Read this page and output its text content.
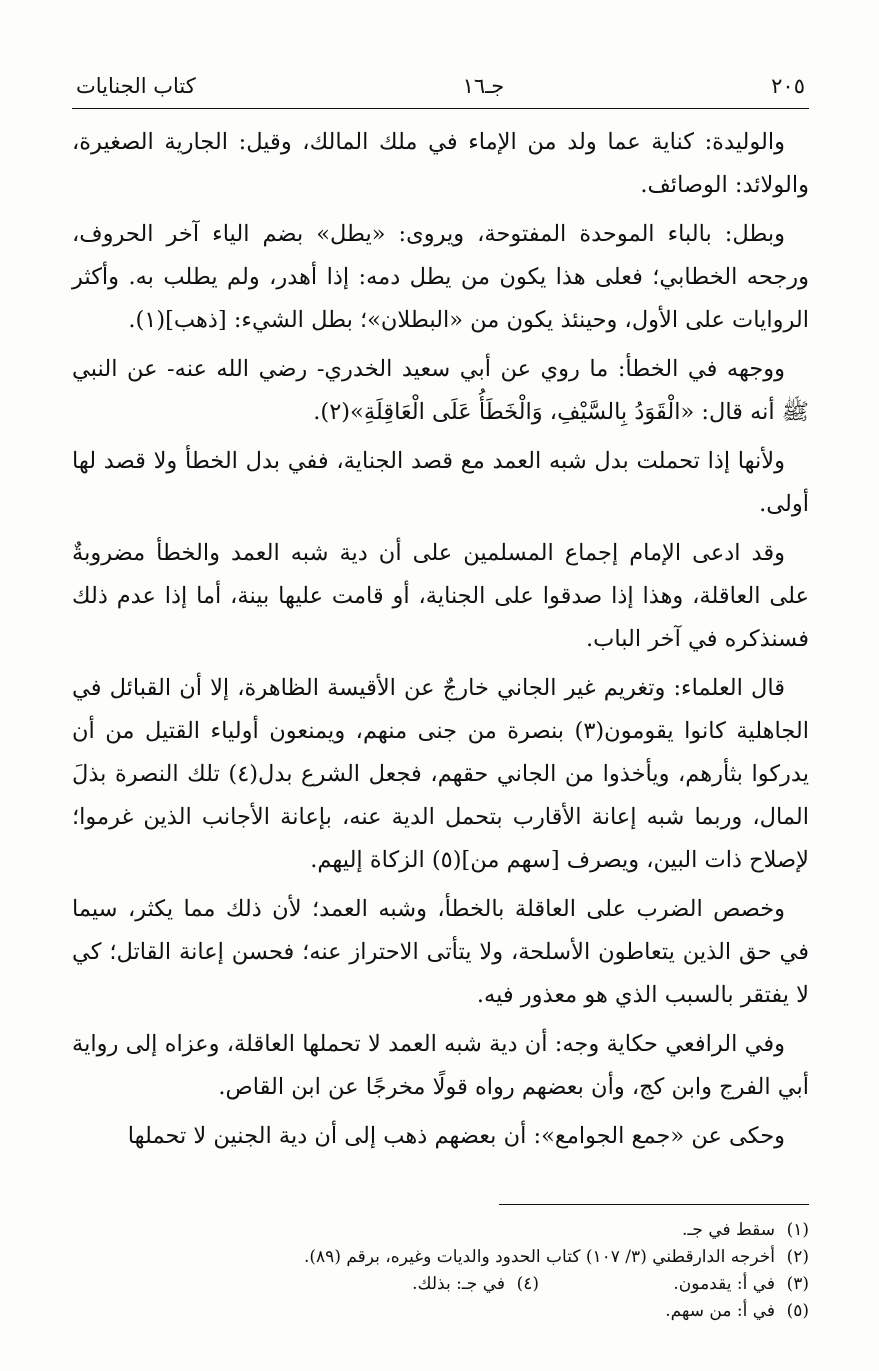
٢٠٥
جـ١٦
كتاب الجنايات

والوليدة: كناية عما ولد من الإماء في ملك المالك، وقيل: الجارية الصغيرة، والولائد: الوصائف.

وبطل: بالباء الموحدة المفتوحة، ويروى: «يطل» بضم الياء آخر الحروف، ورجحه الخطابي؛ فعلى هذا يكون من يطل دمه: إذا أهدر، ولم يطلب به. وأكثر الروايات على الأول، وحينئذ يكون من «البطلان»؛ بطل الشيء: [ذهب](١).

ووجهه في الخطأ: ما روي عن أبي سعيد الخدري- رضي الله عنه- عن النبي ﷺ أنه قال: «الْقَوَدُ بِالسَّيْفِ، وَالْخَطَأُ عَلَى الْعَاقِلَةِ»(٢).

ولأنها إذا تحملت بدل شبه العمد مع قصد الجناية، ففي بدل الخطأ ولا قصد لها أولى.

وقد ادعى الإمام إجماع المسلمين على أن دية شبه العمد والخطأ مضروبةٌ على العاقلة، وهذا إذا صدقوا على الجناية، أو قامت عليها بينة، أما إذا عدم ذلك فسنذكره في آخر الباب.

قال العلماء: وتغريم غير الجاني خارجٌ عن الأقيسة الظاهرة، إلا أن القبائل في الجاهلية كانوا يقومون(٣) بنصرة من جنى منهم، ويمنعون أولياء القتيل من أن يدركوا بثأرهم، ويأخذوا من الجاني حقهم، فجعل الشرع بدل(٤) تلك النصرة بذلَ المال، وربما شبه إعانة الأقارب بتحمل الدية عنه، بإعانة الأجانب الذين غرموا؛ لإصلاح ذات البين، ويصرف [سهم من](٥) الزكاة إليهم.

وخصص الضرب على العاقلة بالخطأ، وشبه العمد؛ لأن ذلك مما يكثر، سيما في حق الذين يتعاطون الأسلحة، ولا يتأتى الاحتراز عنه؛ فحسن إعانة القاتل؛ كي لا يفتقر بالسبب الذي هو معذور فيه.

وفي الرافعي حكاية وجه: أن دية شبه العمد لا تحملها العاقلة، وعزاه إلى رواية أبي الفرج وابن كج، وأن بعضهم رواه قولًا مخرجًا عن ابن القاص.

وحكى عن «جمع الجوامع»: أن بعضهم ذهب إلى أن دية الجنين لا تحملها

(١)
سقط في جـ.
(٢)
أخرجه الدارقطني (٣/ ١٠٧) كتاب الحدود والديات وغيره، برقم (٨٩).
(٣)
في أ: يقدمون.
(٤)
في جـ: بذلك.
(٥)
في أ: من سهم.
